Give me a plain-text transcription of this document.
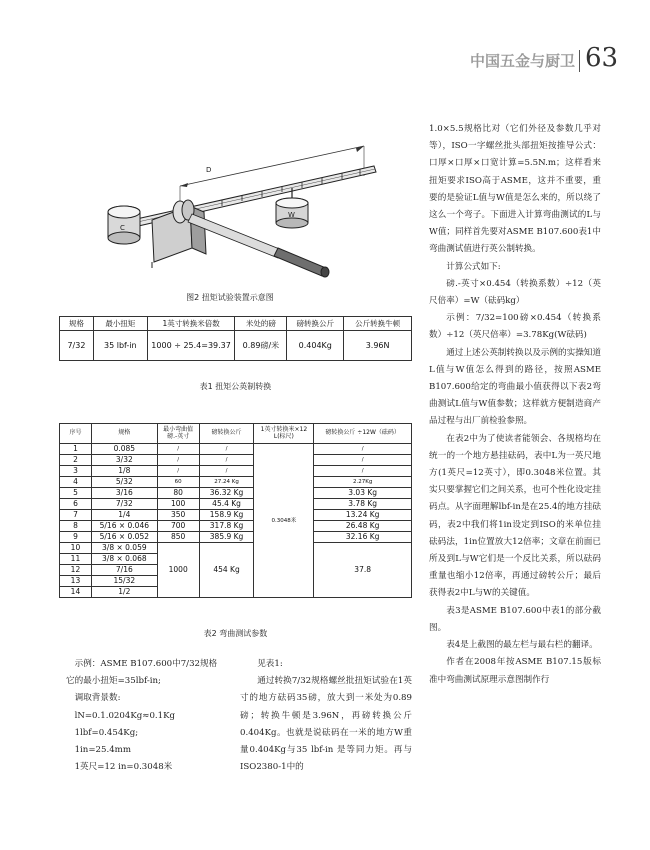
中国五金与厨卫 63
D
C
W
图2 扭矩试验装置示意图
规格	最小扭矩	1英寸转换米倍数	米处的磅	磅转换公斤	公斤转换牛顿
7/32	35 lbf-in	1000 ÷ 25.4=39.37	0.89磅/米	0.404Kg	3.96N
表1 扭矩公英制转换
序号	规格	最小弯曲值 磅.-英寸	磅转换公斤	1英寸转换米×12 L(标尺)	磅转换公斤 ÷12W（砝码）
1	0.085	/	/	0.3048米	/
2	3/32	/	/		/
3	1/8	/	/		/
4	5/32	60	27.24 Kg		2.27Kg
5	3/16	80	36.32 Kg		3.03 Kg
6	7/32	100	45.4 Kg		3.78 Kg
7	1/4	350	158.9 Kg		13.24 Kg
8	5/16 × 0.046	700	317.8 Kg		26.48 Kg
9	5/16 × 0.052	850	385.9 Kg		32.16 Kg
10	3/8 × 0.059	1000	454 Kg		37.8
11	3/8 × 0.068				
12	7/16				
13	15/32				
14	1/2				
表2 弯曲测试参数

1.0×5.5规格比对（它们外径及参数几乎对等），ISO一字螺丝批头部扭矩按推导公式：口厚×口厚×口宽计算=5.5N.m；这样看来扭矩要求ISO高于ASME，这并不重要，重要的是验证L值与W值是怎么来的，所以绕了这么一个弯子。下面进入计算弯曲测试的L与W值；同样首先要对ASME B107.600表1中弯曲测试值进行英公制转换。

计算公式如下:

磅.-英寸×0.454（转换系数）÷12（英尺倍率）=W（砝码kg）

示例：7/32=100磅×0.454（转换系数）÷12（英尺倍率）=3.78Kg(W砝码)

通过上述公英制转换以及示例的实操知道L值与W值怎么得到的路径，按照ASME B107.600给定的弯曲最小值获得以下表2弯曲测试L值与W值参数；这样就方便制造商产品过程与出厂前检验参照。

在表2中为了使读者能领会、各规格均在统一的一个地方悬挂砝码，表中L为一英尺地方(1英尺=12英寸），即0.3048米位置。其实只要掌握它们之间关系，也可个性化设定挂码点。从字面理解lbf-in是在25.4的地方挂砝码，表2中我们将1in设定到ISO的米单位挂砝码法，1in位置放大12倍率；文章在前面已所及到L与W它们是一个反比关系，所以砝码重量也缩小12倍率，再通过磅转公斤；最后获得表2中L与W的关键值。

表3是ASME B107.600中表1的部分截图。

表4是上截图的最左栏与最右栏的翻译。

作者在2008年按ASME B107.15版标准中弯曲测试原理示意图制作行

示例：ASME B107.600中7/32规格

它的最小扭矩=35lbf-in;

调取背景数:

lN=0.1.0204Kg≈0.1Kg

1lbf=0.454Kg;

1in=25.4mm

1英尺=12 in=0.3048米

见表1:

通过转换7/32规格螺丝批扭矩试验在1英寸的地方砝码35磅，放大到一米处为0.89磅；转换牛顿是3.96N，再磅转换公斤0.404Kg。也就是说砝码在一米的地方W重量0.404Kg与35 lbf-in 是等同力矩。再与ISO2380-1中的
